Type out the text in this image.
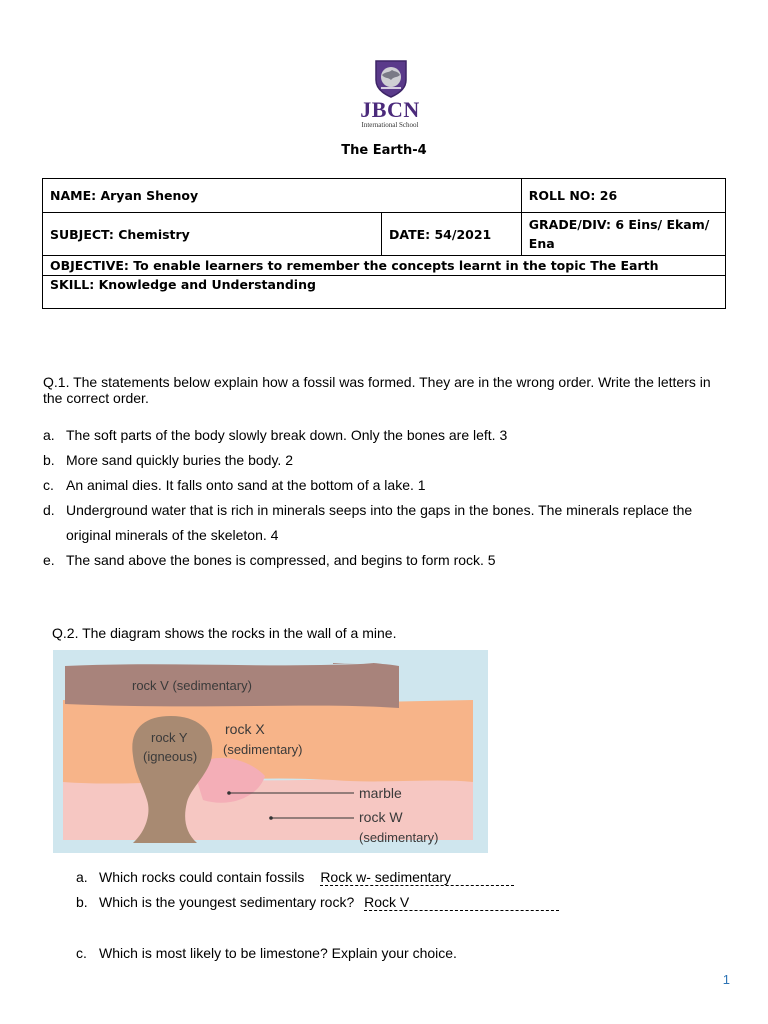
JBCN
International School
The Earth-4
NAME: Aryan Shenoy		ROLL NO: 26
SUBJECT: Chemistry	DATE: 54/2021	GRADE/DIV: 6 Eins/ Ekam/ Ena
OBJECTIVE: To enable learners to remember the concepts learnt in the topic The Earth		
SKILL: Knowledge and Understanding		
Q.1. The statements below explain how a fossil was formed. They are in the wrong order. Write the letters in the correct order.
a. The soft parts of the body slowly break down. Only the bones are left. 3
b. More sand quickly buries the body. 2
c. An animal dies. It falls onto sand at the bottom of a lake. 1
d. Underground water that is rich in minerals seeps into the gaps in the bones. The minerals replace the original minerals of the skeleton. 4
e. The sand above the bones is compressed, and begins to form rock. 5
Q.2. The diagram shows the rocks in the wall of a mine.
rock V (sedimentary)
rock Y
(igneous)
rock X
(sedimentary)
marble
rock W
(sedimentary)
a. Which rocks could contain fossils Rock w- sedimentary
b. Which is the youngest sedimentary rock? Rock V
c. Which is most likely to be limestone? Explain your choice.
1
